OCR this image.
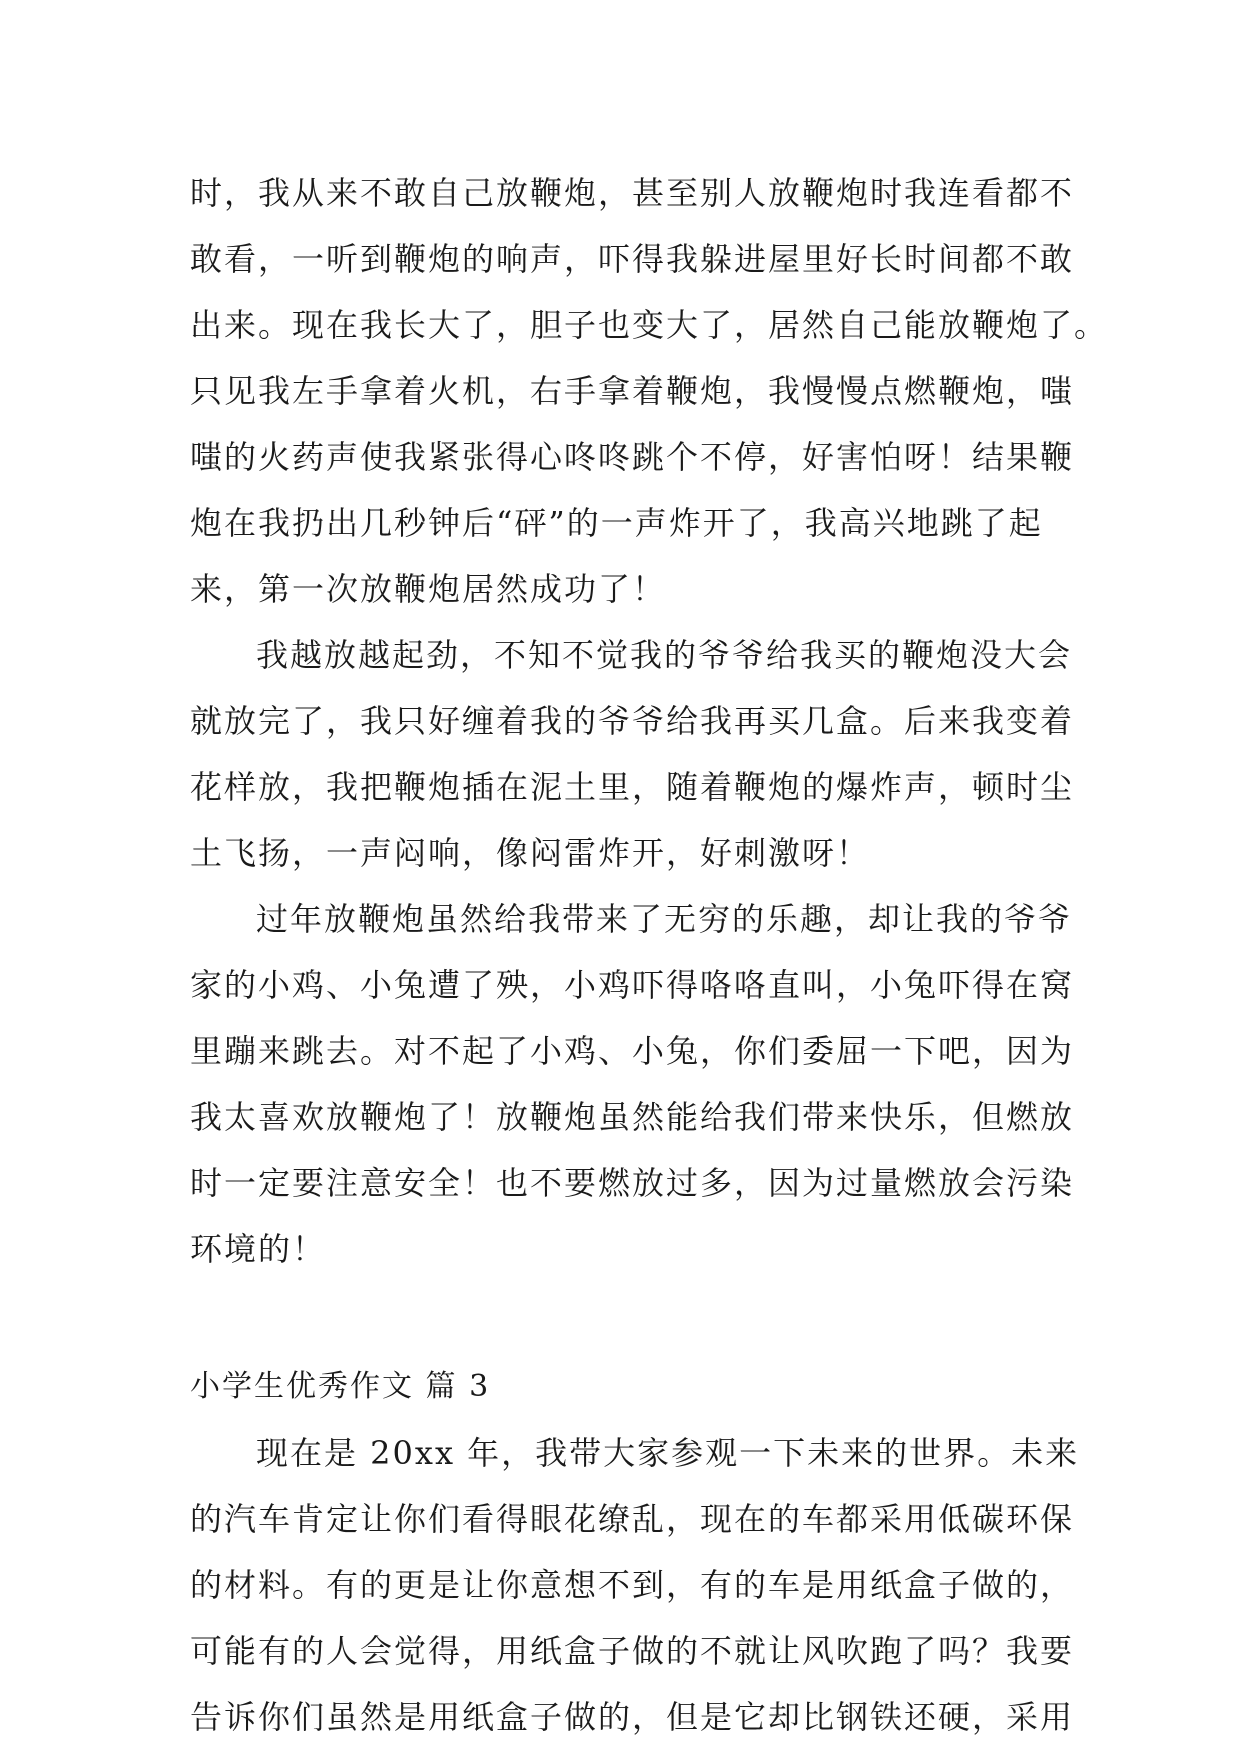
时，我从来不敢自己放鞭炮，甚至别人放鞭炮时我连看都不
敢看，一听到鞭炮的响声，吓得我躲进屋里好长时间都不敢
出来。现在我长大了，胆子也变大了，居然自己能放鞭炮了。
只见我左手拿着火机，右手拿着鞭炮，我慢慢点燃鞭炮，嗤
嗤的火药声使我紧张得心咚咚跳个不停，好害怕呀！结果鞭
炮在我扔出几秒钟后“砰”的一声炸开了，我高兴地跳了起
来，第一次放鞭炮居然成功了！
我越放越起劲，不知不觉我的爷爷给我买的鞭炮没大会
就放完了，我只好缠着我的爷爷给我再买几盒。后来我变着
花样放，我把鞭炮插在泥土里，随着鞭炮的爆炸声，顿时尘
土飞扬，一声闷响，像闷雷炸开，好刺激呀！
过年放鞭炮虽然给我带来了无穷的乐趣，却让我的爷爷
家的小鸡、小兔遭了殃，小鸡吓得咯咯直叫，小兔吓得在窝
里蹦来跳去。对不起了小鸡、小兔，你们委屈一下吧，因为
我太喜欢放鞭炮了！放鞭炮虽然能给我们带来快乐，但燃放
时一定要注意安全！也不要燃放过多，因为过量燃放会污染
环境的！
小学生优秀作文 篇 3
现在是 20xx 年，我带大家参观一下未来的世界。未来
的汽车肯定让你们看得眼花缭乱，现在的车都采用低碳环保
的材料。有的更是让你意想不到，有的车是用纸盒子做的，
可能有的人会觉得，用纸盒子做的不就让风吹跑了吗？我要
告诉你们虽然是用纸盒子做的，但是它却比钢铁还硬，采用
